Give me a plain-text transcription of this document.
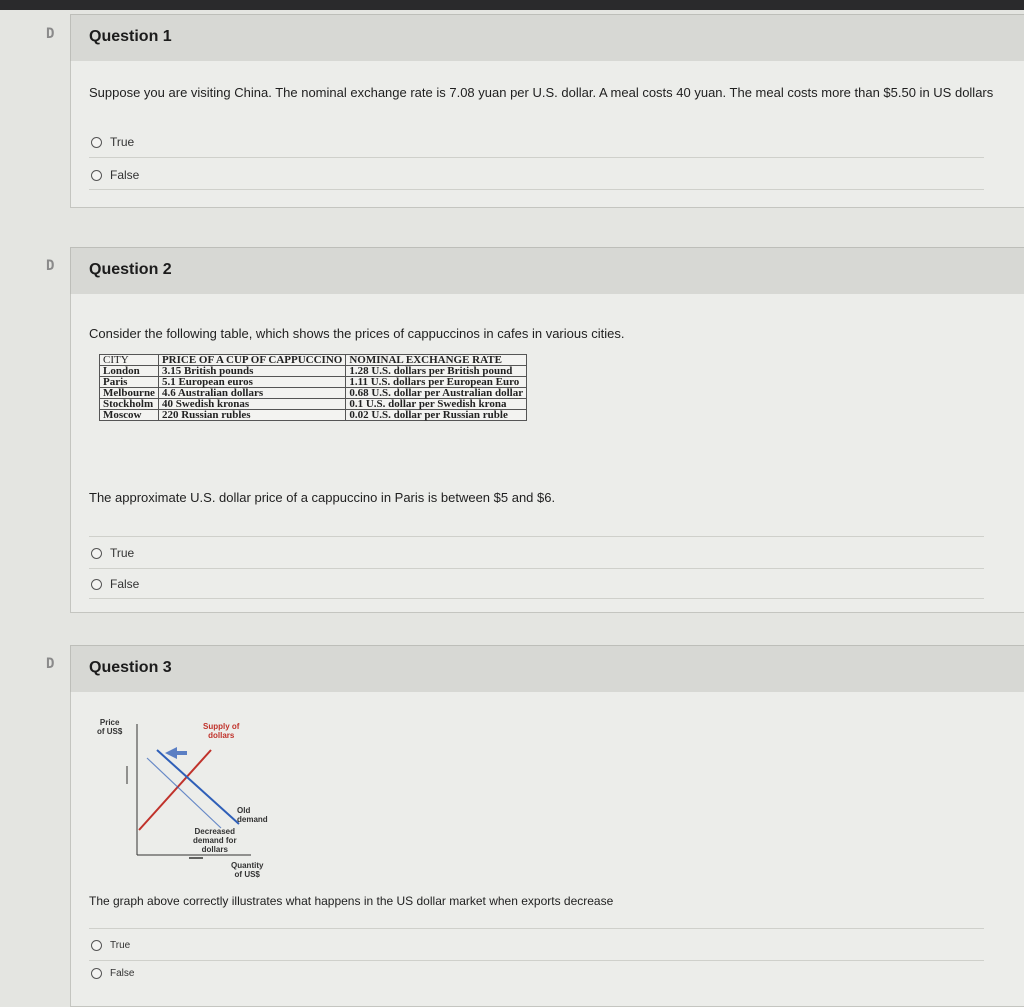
D	Question 1
Suppose you are visiting China. The nominal exchange rate is 7.08 yuan per U.S. dollar. A meal costs 40 yuan. The meal costs more than $5.50 in US dollars
True
False
D	Question 2
Consider the following table, which shows the prices of cappuccinos in cafes in various cities.
CITY	PRICE OF A CUP OF CAPPUCCINO	NOMINAL EXCHANGE RATE
London	3.15 British pounds	1.28 U.S. dollars per British pound
Paris	5.1 European euros	1.11 U.S. dollars per European Euro
Melbourne	4.6 Australian dollars	0.68 U.S. dollar per Australian dollar
Stockholm	40 Swedish kronas	0.1 U.S. dollar per Swedish krona
Moscow	220 Russian rubles	0.02 U.S. dollar per Russian ruble
The approximate U.S. dollar price of a cappuccino in Paris is between $5 and $6.
True
False
D	Question 3
Price
of US$
Supply of
dollars
Old
demand
Decreased
demand for
dollars
Quantity
of US$
The graph above correctly illustrates what happens in the US dollar market when exports decrease
True
False
